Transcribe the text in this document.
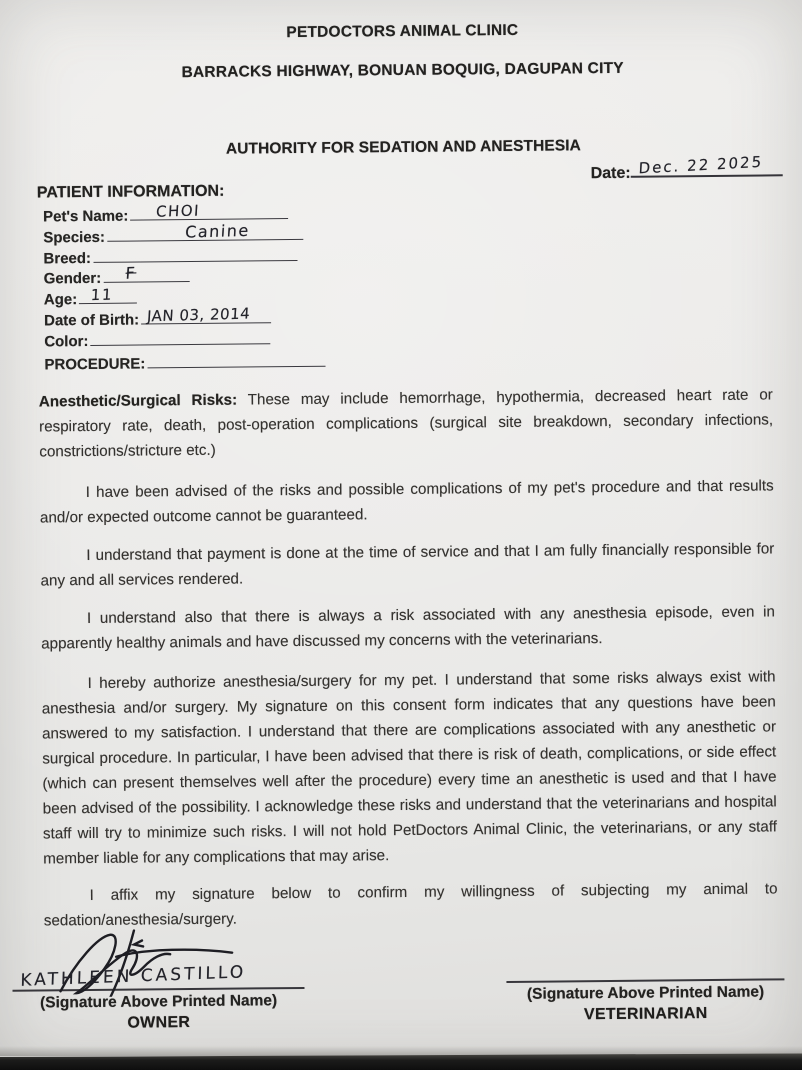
PETDOCTORS ANIMAL CLINIC

BARRACKS HIGHWAY, BONUAN BOQUIG, DAGUPAN CITY

AUTHORITY FOR SEDATION AND ANESTHESIA

Date: Dec. 22 2025
PATIENT INFORMATION:
Pet's Name: CHOI
Species:	Canine
Breed:
Gender: F
Age: 11
Date of Birth: JAN 03, 2014
Color:
PROCEDURE:

Anesthetic/Surgical Risks: These may include hemorrhage, hypothermia, decreased heart rate or respiratory rate, death, post-operation complications (surgical site breakdown, secondary infections, constrictions/stricture etc.)

I have been advised of the risks and possible complications of my pet's procedure and that results and/or expected outcome cannot be guaranteed.

I understand that payment is done at the time of service and that I am fully financially responsible for any and all services rendered.

I understand also that there is always a risk associated with any anesthesia episode, even in apparently healthy animals and have discussed my concerns with the veterinarians.

I hereby authorize anesthesia/surgery for my pet. I understand that some risks always exist with anesthesia and/or surgery. My signature on this consent form indicates that any questions have been answered to my satisfaction. I understand that there are complications associated with any anesthetic or surgical procedure. In particular, I have been advised that there is risk of death, complications, or side effect (which can present themselves well after the procedure) every time an anesthetic is used and that I have been advised of the possibility. I acknowledge these risks and understand that the veterinarians and hospital staff will try to minimize such risks. I will not hold PetDoctors Animal Clinic, the veterinarians, or any staff member liable for any complications that may arise.

I affix my signature below to confirm my willingness of subjecting my animal to sedation/anesthesia/surgery.

KATHLEEN CASTILLO
(Signature Above Printed Name)
OWNER
(Signature Above Printed Name)
VETERINARIAN
